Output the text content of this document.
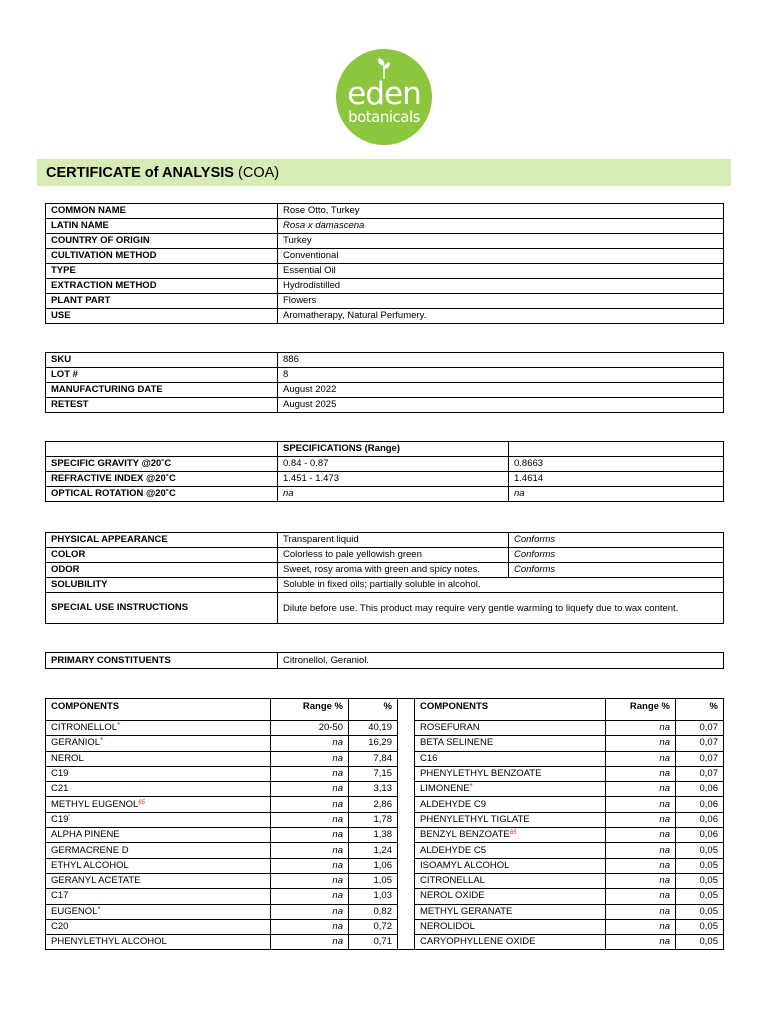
eden
botanicals
CERTIFICATE of ANALYSIS (COA)
COMMON NAME	Rose Otto, Turkey
LATIN NAME	Rosa x damascena
COUNTRY OF ORIGIN	Turkey
CULTIVATION METHOD	Conventional
TYPE	Essential Oil
EXTRACTION METHOD	Hydrodistilled
PLANT PART	Flowers
USE	Aromatherapy, Natural Perfumery.
SKU	886
LOT #	8
MANUFACTURING DATE	August 2022
RETEST	August 2025
	SPECIFICATIONS (Range)	
SPECIFIC GRAVITY @20˚C	0.84 - 0.87	0.8663
REFRACTIVE INDEX @20˚C	1.451 - 1.473	1.4614
OPTICAL ROTATION @20˚C	na	na
PHYSICAL APPEARANCE	Transparent liquid	Conforms
COLOR	Colorless to pale yellowish green	Conforms
ODOR	Sweet, rosy aroma with green and spicy notes.	Conforms
SOLUBILITY	Soluble in fixed oils; partially soluble in alcohol.	
SPECIAL USE INSTRUCTIONS	Dilute before use. This product may require very gentle warming to liquefy due to wax content.	
PRIMARY CONSTITUENTS	Citronellol, Geraniol.
COMPONENTS	Range %	%		COMPONENTS	Range %	%
CITRONELLOL*	20-50	40,19		ROSEFURAN	na	0,07
GERANIOL*	na	16,29		BETA SELINENE	na	0,07
NEROL	na	7,84		C16	na	0,07
C19	na	7,15		PHENYLETHYL BENZOATE	na	0,07
C21	na	3,13		LIMONENE*	na	0,06
METHYL EUGENOL$^{65}$	na	2,86		ALDEHYDE C9	na	0,06
C19'	na	1,78		PHENYLETHYL TIGLATE	na	0,06
ALPHA PINENE	na	1,38		BENZYL BENZOATE$^{65}$	na	0,06
GERMACRENE D	na	1,24		ALDEHYDE C5	na	0,05
ETHYL ALCOHOL	na	1,06		ISOAMYL ALCOHOL	na	0,05
GERANYL ACETATE	na	1,05		CITRONELLAL	na	0,05
C17	na	1,03		NEROL OXIDE	na	0,05
EUGENOL*	na	0,82		METHYL GERANATE	na	0,05
C20	na	0,72		NEROLIDOL	na	0,05
PHENYLETHYL ALCOHOL	na	0,71		CARYOPHYLLENE OXIDE	na	0,05
